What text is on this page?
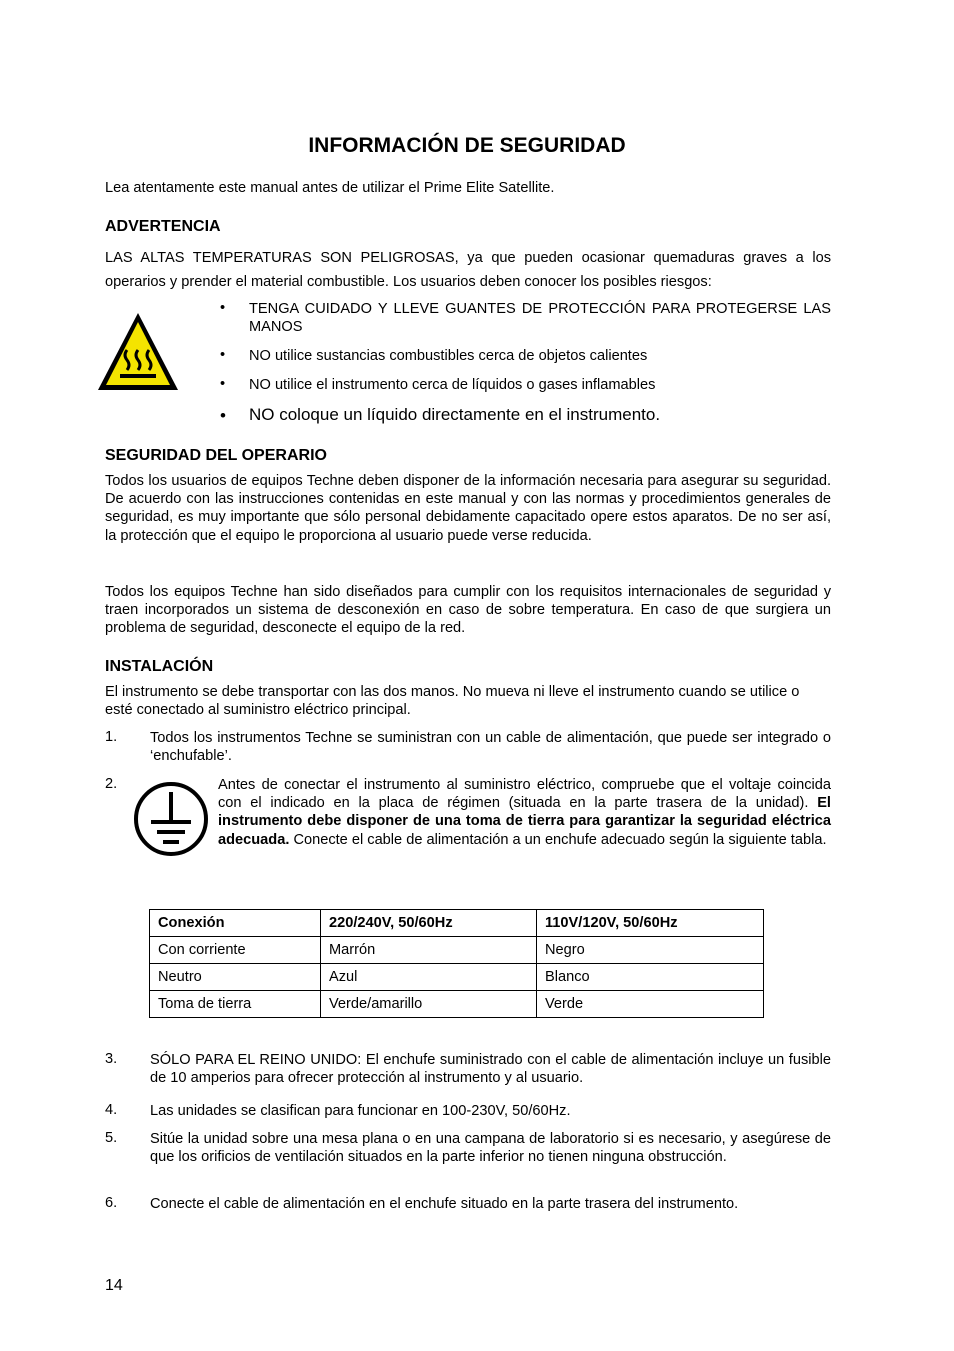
INFORMACIÓN DE SEGURIDAD
Lea atentamente este manual antes de utilizar el Prime Elite Satellite.
ADVERTENCIA
LAS ALTAS TEMPERATURAS SON PELIGROSAS, ya que pueden ocasionar quemaduras graves a los operarios y prender el material combustible. Los usuarios deben conocer los posibles riesgos:
• TENGA CUIDADO Y LLEVE GUANTES DE PROTECCIÓN PARA PROTEGERSE LAS MANOS
• NO utilice sustancias combustibles cerca de objetos calientes
• NO utilice el instrumento cerca de líquidos o gases inflamables
• NO coloque un líquido directamente en el instrumento.
SEGURIDAD DEL OPERARIO
Todos los usuarios de equipos Techne deben disponer de la información necesaria para asegurar su seguridad. De acuerdo con las instrucciones contenidas en este manual y con las normas y procedimientos generales de seguridad, es muy importante que sólo personal debidamente capacitado opere estos aparatos. De no ser así, la protección que el equipo le proporciona al usuario puede verse reducida.
Todos los equipos Techne han sido diseñados para cumplir con los requisitos internacionales de seguridad y traen incorporados un sistema de desconexión en caso de sobre temperatura. En caso de que surgiera un problema de seguridad, desconecte el equipo de la red.
INSTALACIÓN
El instrumento se debe transportar con las dos manos. No mueva ni lleve el instrumento cuando se utilice o esté conectado al suministro eléctrico principal.
1. Todos los instrumentos Techne se suministran con un cable de alimentación, que puede ser integrado o ‘enchufable’.
2.	Antes de conectar el instrumento al suministro eléctrico, compruebe que el voltaje coincida con el indicado en la placa de régimen (situada en la parte trasera de la unidad). El instrumento debe disponer de una toma de tierra para garantizar la seguridad eléctrica adecuada. Conecte el cable de alimentación a un enchufe adecuado según la siguiente tabla.
Conexión	220/240V, 50/60Hz	110V/120V, 50/60Hz
Con corriente	Marrón	Negro
Neutro	Azul	Blanco
Toma de tierra	Verde/amarillo	Verde
3. SÓLO PARA EL REINO UNIDO: El enchufe suministrado con el cable de alimentación incluye un fusible de 10 amperios para ofrecer protección al instrumento y al usuario.
4. Las unidades se clasifican para funcionar en 100-230V, 50/60Hz.
5. Sitúe la unidad sobre una mesa plana o en una campana de laboratorio si es necesario, y asegúrese de que los orificios de ventilación situados en la parte inferior no tienen ninguna obstrucción.
6. Conecte el cable de alimentación en el enchufe situado en la parte trasera del instrumento.
14
